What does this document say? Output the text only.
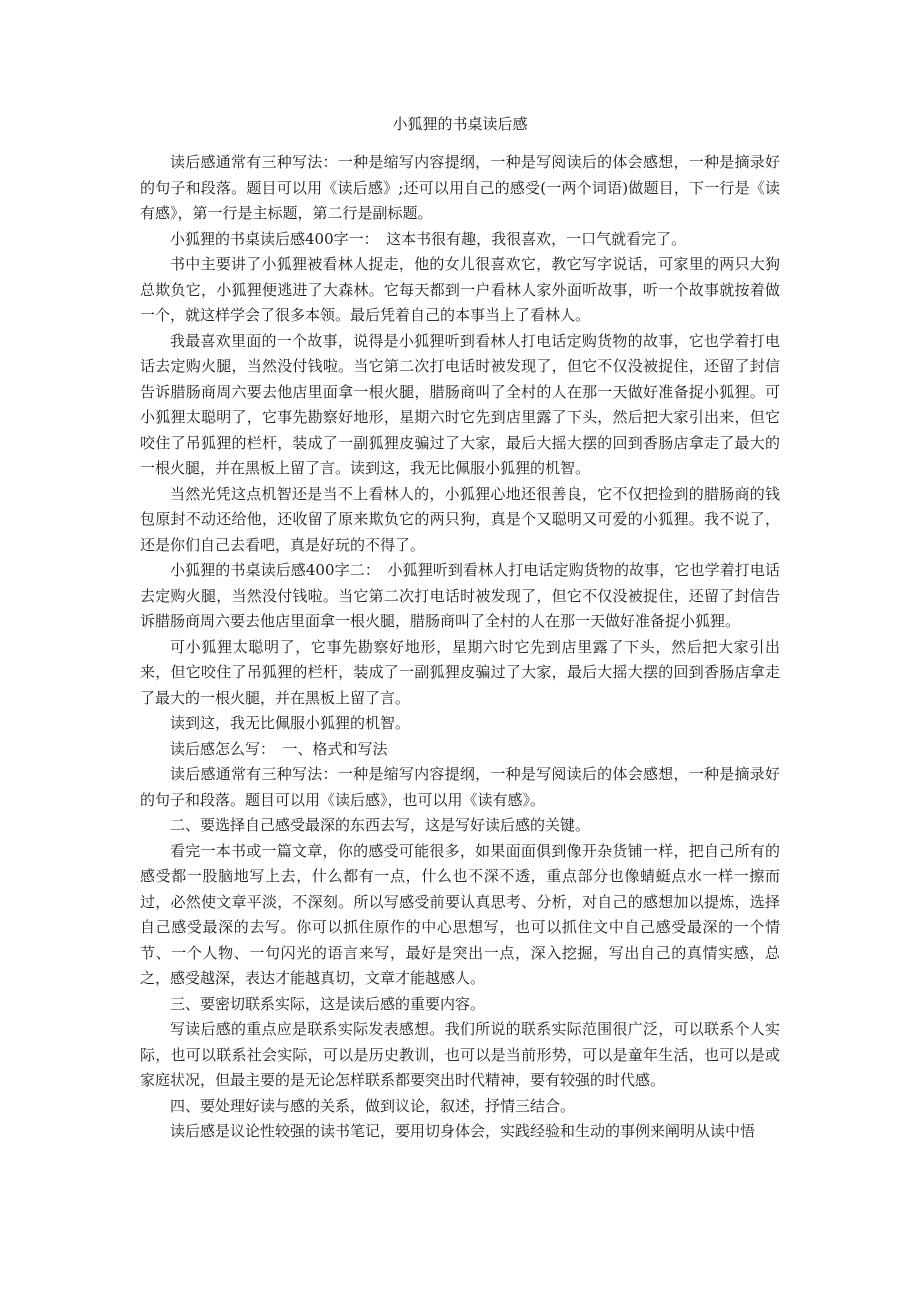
小狐狸的书桌读后感

读后感通常有三种写法：一种是缩写内容提纲，一种是写阅读后的体会感想，一种是摘录好的句子和段落。题目可以用《读后感》;还可以用自己的感受(一两个词语)做题目，下一行是《读有感》，第一行是主标题，第二行是副标题。

小狐狸的书桌读后感400字一：　这本书很有趣，我很喜欢，一口气就看完了。

书中主要讲了小狐狸被看林人捉走，他的女儿很喜欢它，教它写字说话，可家里的两只大狗总欺负它，小狐狸便逃进了大森林。它每天都到一户看林人家外面听故事，听一个故事就按着做一个，就这样学会了很多本领。最后凭着自己的本事当上了看林人。

我最喜欢里面的一个故事，说得是小狐狸听到看林人打电话定购货物的故事，它也学着打电话去定购火腿，当然没付钱啦。当它第二次打电话时被发现了，但它不仅没被捉住，还留了封信告诉腊肠商周六要去他店里面拿一根火腿，腊肠商叫了全村的人在那一天做好准备捉小狐狸。可小狐狸太聪明了，它事先勘察好地形，星期六时它先到店里露了下头，然后把大家引出来，但它咬住了吊狐狸的栏杆，装成了一副狐狸皮骗过了大家，最后大摇大摆的回到香肠店拿走了最大的一根火腿，并在黑板上留了言。读到这，我无比佩服小狐狸的机智。

当然光凭这点机智还是当不上看林人的，小狐狸心地还很善良，它不仅把捡到的腊肠商的钱包原封不动还给他，还收留了原来欺负它的两只狗，真是个又聪明又可爱的小狐狸。我不说了，还是你们自己去看吧，真是好玩的不得了。

小狐狸的书桌读后感400字二：　小狐狸听到看林人打电话定购货物的故事，它也学着打电话去定购火腿，当然没付钱啦。当它第二次打电话时被发现了，但它不仅没被捉住，还留了封信告诉腊肠商周六要去他店里面拿一根火腿，腊肠商叫了全村的人在那一天做好准备捉小狐狸。

可小狐狸太聪明了，它事先勘察好地形，星期六时它先到店里露了下头，然后把大家引出来，但它咬住了吊狐狸的栏杆，装成了一副狐狸皮骗过了大家，最后大摇大摆的回到香肠店拿走了最大的一根火腿，并在黑板上留了言。

读到这，我无比佩服小狐狸的机智。

读后感怎么写：　一、格式和写法

读后感通常有三种写法：一种是缩写内容提纲，一种是写阅读后的体会感想，一种是摘录好的句子和段落。题目可以用《读后感》，也可以用《读有感》。

二、要选择自己感受最深的东西去写，这是写好读后感的关键。

看完一本书或一篇文章，你的感受可能很多，如果面面俱到像开杂货铺一样，把自己所有的感受都一股脑地写上去，什么都有一点，什么也不深不透，重点部分也像蜻蜓点水一样一擦而过，必然使文章平淡，不深刻。所以写感受前要认真思考、分析，对自己的感想加以提炼，选择自己感受最深的去写。你可以抓住原作的中心思想写，也可以抓住文中自己感受最深的一个情节、一个人物、一句闪光的语言来写，最好是突出一点，深入挖掘，写出自己的真情实感，总之，感受越深，表达才能越真切，文章才能越感人。

三、要密切联系实际，这是读后感的重要内容。

写读后感的重点应是联系实际发表感想。我们所说的联系实际范围很广泛，可以联系个人实际，也可以联系社会实际，可以是历史教训，也可以是当前形势，可以是童年生活，也可以是或家庭状况，但最主要的是无论怎样联系都要突出时代精神，要有较强的时代感。

四、要处理好读与感的关系，做到议论，叙述，抒情三结合。

读后感是议论性较强的读书笔记，要用切身体会，实践经验和生动的事例来阐明从读中悟
